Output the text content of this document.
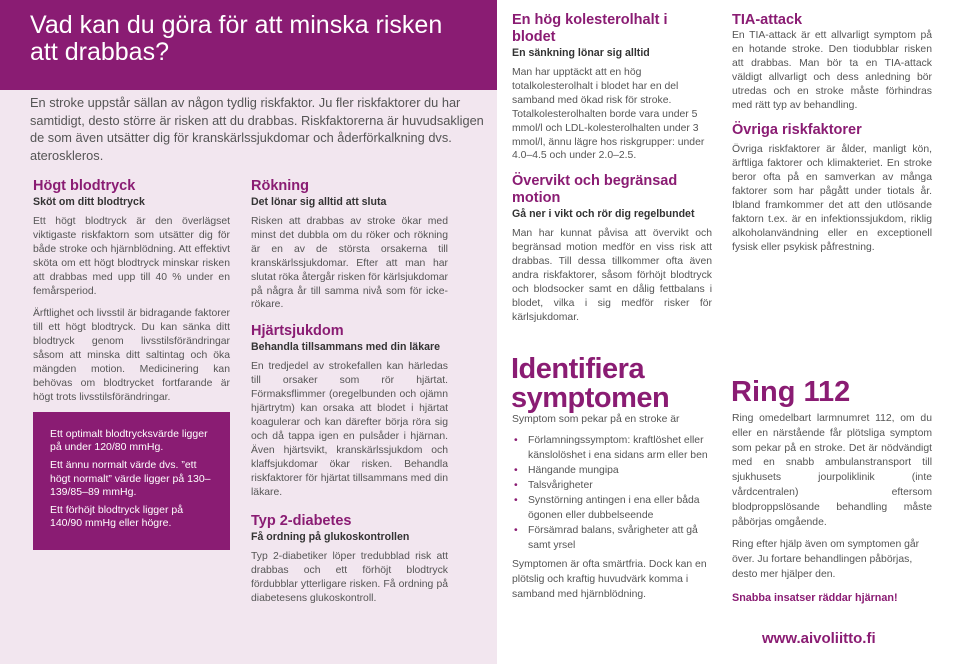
Vad kan du göra för att minska risken att drabbas?

En stroke uppstår sällan av någon tydlig riskfaktor. Ju fler riskfaktorer du har samtidigt, desto större är risken att du drabbas. Riskfaktorerna är huvudsakligen de som även utsätter dig för kranskärlssjukdomar och åderförkalkning dvs. ateroskleros.

Högt blodtryck
Sköt om ditt blodtryck

Ett högt blodtryck är den överlägset viktigaste riskfaktorn som utsätter dig för både stroke och hjärnblödning. Att effektivt sköta om ett högt blodtryck minskar risken att drabbas med upp till 40 % under en femårsperiod.

Ärftlighet och livsstil är bidragande faktorer till ett högt blodtryck. Du kan sänka ditt blodtryck genom livsstilsförändringar såsom att minska ditt saltintag och öka mängden motion. Medicinering kan behövas om blodtrycket fortfarande är högt trots livsstilsförändringar.

Ett optimalt blodtrycksvärde ligger på under 120/80 mmHg.

Ett ännu normalt värde dvs. ”ett högt normalt” värde ligger på 130–139/85–89 mmHg.

Ett förhöjt blodtryck ligger på 140/90 mmHg eller högre.

Rökning
Det lönar sig alltid att sluta

Risken att drabbas av stroke ökar med minst det dubbla om du röker och rökning är en av de största orsakerna till kranskärlssjukdomar. Efter att man har slutat röka återgår risken för kärlsjukdomar på några år till samma nivå som för icke-rökare.

Hjärtsjukdom
Behandla tillsammans med din läkare

En tredjedel av strokefallen kan härledas till orsaker som rör hjärtat. Förmaksflimmer (oregelbunden och ojämn hjärtrytm) kan orsaka att blodet i hjärtat koagulerar och kan därefter börja röra sig och då tappa igen en pulsåder i hjärnan. Även hjärtsvikt, kranskärlssjukdom och klaffsjukdomar ökar risken. Behandla riskfaktorer för hjärtat tillsammans med din läkare.

Typ 2-diabetes
Få ordning på glukoskontrollen

Typ 2-diabetiker löper tredubblad risk att drabbas och ett förhöjt blodtryck fördubblar ytterligare risken. Få ordning på diabetesens glukoskontroll.

En hög kolesterolhalt i blodet
En sänkning lönar sig alltid

Man har upptäckt att en hög totalkolesterolhalt i blodet har en del samband med ökad risk för stroke. Totalkolesterolhalten borde vara under 5 mmol/l och LDL-kolesterolhalten under 3 mmol/l, ännu lägre hos riskgrupper: under 4.0–4.5 och under 2.0–2.5.

Övervikt och begränsad motion
Gå ner i vikt och rör dig regelbundet

Man har kunnat påvisa att övervikt och begränsad motion medför en viss risk att drabbas. Till dessa tillkommer ofta även andra riskfaktorer, såsom förhöjt blodtryck och blodsocker samt en dålig fettbalans i blodet, vilka i sig medför risker för kärlsjukdomar.

TIA-attack

En TIA-attack är ett allvarligt symptom på en hotande stroke. Den tiodubblar risken att drabbas. Man bör ta en TIA-attack väldigt allvarligt och dess anledning bör utredas och en stroke måste förhindras med rätt typ av behandling.

Övriga riskfaktorer

Övriga riskfaktorer är ålder, manligt kön, ärftliga faktorer och klimakteriet. En stroke beror ofta på en samverkan av många faktorer som har pågått under tiotals år. Ibland framkommer det att den utlösande faktorn t.ex. är en infektionssjukdom, riklig alkoholanvändning eller en exceptionell fysisk eller psykisk påfrestning.

Identifiera
symptomen
Symptom som pekar på en stroke är
• Förlamningssymptom: kraftlöshet eller känslolöshet i ena sidans arm eller ben
• Hängande mungipa
• Talsvårigheter
• Synstörning antingen i ena eller båda ögonen eller dubbelseende
• Försämrad balans, svårigheter att gå samt yrsel
Symptomen är ofta smärtfria. Dock kan en plötslig och kraftig huvudvärk komma i samband med hjärnblödning.
Ring 112

Ring omedelbart larmnumret 112, om du eller en närstående får plötsliga symptom som pekar på en stroke. Det är nödvändigt med en snabb ambulanstransport till sjukhusets jourpoliklinik (inte vårdcentralen) eftersom blodproppslösande behandling måste påbörjas omgående.

Ring efter hjälp även om symptomen går över. Ju fortare behandlingen påbörjas, desto mer hjälper den.

Snabba insatser räddar hjärnan!
www.aivoliitto.fi
